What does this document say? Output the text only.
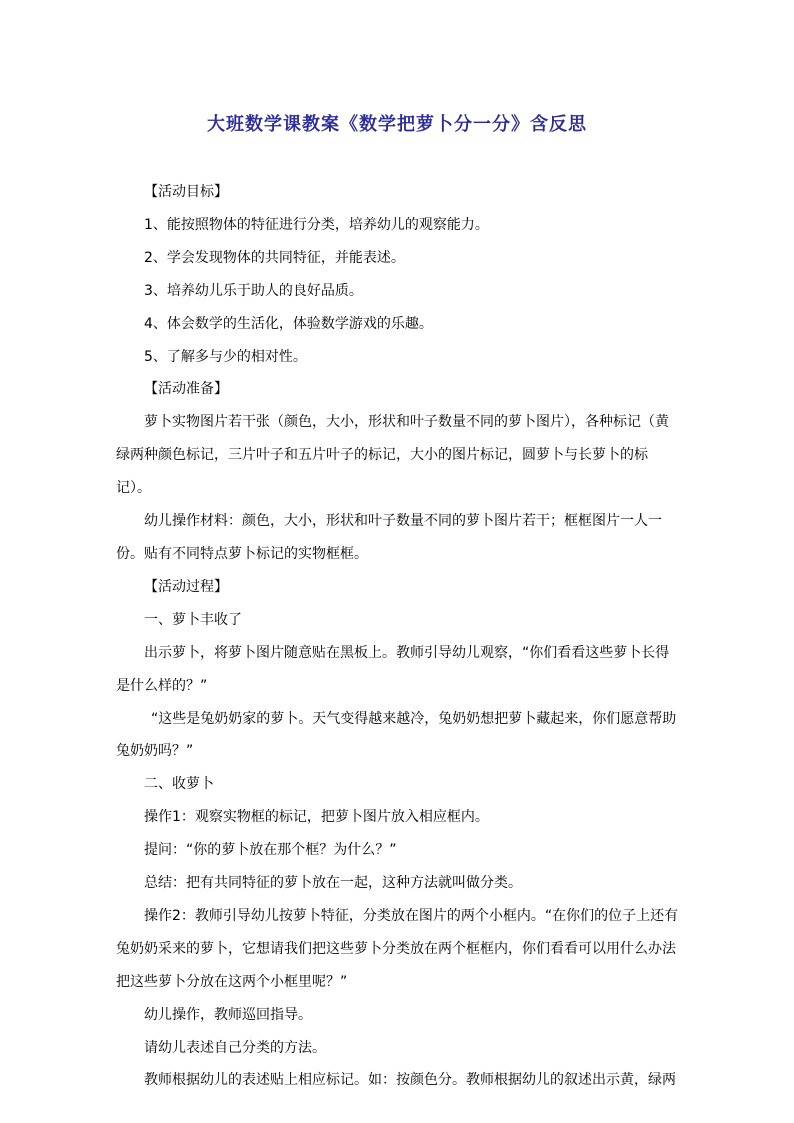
大班数学课教案《数学把萝卜分一分》含反思

【活动目标】

1、能按照物体的特征进行分类，培养幼儿的观察能力。

2、学会发现物体的共同特征，并能表述。

3、培养幼儿乐于助人的良好品质。

4、体会数学的生活化，体验数学游戏的乐趣。

5、了解多与少的相对性。

【活动准备】

萝卜实物图片若干张（颜色，大小，形状和叶子数量不同的萝卜图片），各种标记（黄绿两种颜色标记，三片叶子和五片叶子的标记，大小的图片标记，圆萝卜与长萝卜的标记）。

幼儿操作材料：颜色，大小，形状和叶子数量不同的萝卜图片若干；框框图片一人一份。贴有不同特点萝卜标记的实物框框。

【活动过程】

一、萝卜丰收了

出示萝卜，将萝卜图片随意贴在黑板上。教师引导幼儿观察，“你们看看这些萝卜长得是什么样的？”

“这些是兔奶奶家的萝卜。天气变得越来越冷，兔奶奶想把萝卜藏起来，你们愿意帮助兔奶奶吗？”

二、收萝卜

操作1：观察实物框的标记，把萝卜图片放入相应框内。

提问：“你的萝卜放在那个框？为什么？”

总结：把有共同特征的萝卜放在一起，这种方法就叫做分类。

操作2：教师引导幼儿按萝卜特征，分类放在图片的两个小框内。“在你们的位子上还有兔奶奶采来的萝卜，它想请我们把这些萝卜分类放在两个框框内，你们看看可以用什么办法把这些萝卜分放在这两个小框里呢？”

幼儿操作，教师巡回指导。

请幼儿表述自己分类的方法。

教师根据幼儿的表述贴上相应标记。如：按颜色分。教师根据幼儿的叙述出示黄，绿两
